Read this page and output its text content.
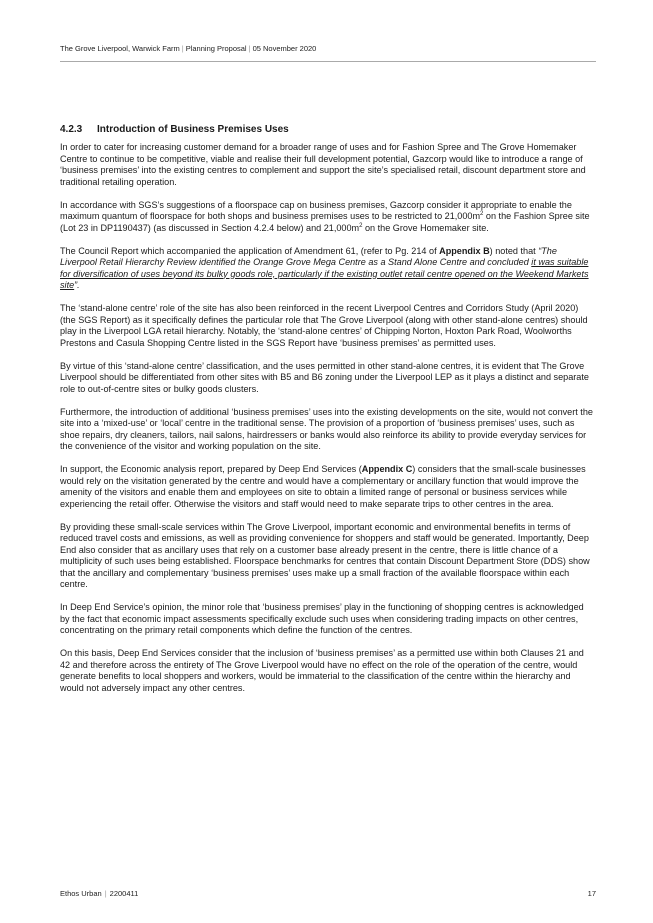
The Grove Liverpool, Warwick Farm | Planning Proposal | 05 November 2020
4.2.3 Introduction of Business Premises Uses

In order to cater for increasing customer demand for a broader range of uses and for Fashion Spree and The Grove Homemaker Centre to continue to be competitive, viable and realise their full development potential, Gazcorp would like to introduce a range of ‘business premises’ into the existing centres to complement and support the site’s specialised retail, discount department store and traditional retailing operation.

In accordance with SGS’s suggestions of a floorspace cap on business premises, Gazcorp consider it appropriate to enable the maximum quantum of floorspace for both shops and business premises uses to be restricted to $21,000m^2$ on the Fashion Spree site (Lot 23 in DP1190437) (as discussed in Section 4.2.4 below) and $21,000m^2$ on the Grove Homemaker site.

The Council Report which accompanied the application of Amendment 61, (refer to Pg. 214 of Appendix B) noted that “The Liverpool Retail Hierarchy Review identified the Orange Grove Mega Centre as a Stand Alone Centre and concluded it was suitable for diversification of uses beyond its bulky goods role, particularly if the existing outlet retail centre opened on the Weekend Markets site”.

The ‘stand-alone centre’ role of the site has also been reinforced in the recent Liverpool Centres and Corridors Study (April 2020) (the SGS Report) as it specifically defines the particular role that The Grove Liverpool (along with other stand-alone centres) should play in the Liverpool LGA retail hierarchy. Notably, the ‘stand-alone centres’ of Chipping Norton, Hoxton Park Road, Woolworths Prestons and Casula Shopping Centre listed in the SGS Report have ‘business premises’ as permitted uses.

By virtue of this ‘stand-alone centre’ classification, and the uses permitted in other stand-alone centres, it is evident that The Grove Liverpool should be differentiated from other sites with B5 and B6 zoning under the Liverpool LEP as it plays a distinct and separate role to out-of-centre sites or bulky goods clusters.

Furthermore, the introduction of additional ‘business premises’ uses into the existing developments on the site, would not convert the site into a ‘mixed-use’ or ‘local’ centre in the traditional sense. The provision of a proportion of ‘business premises’ uses, such as shoe repairs, dry cleaners, tailors, nail salons, hairdressers or banks would also reinforce its ability to provide everyday services for the convenience of the visitor and working population on the site.

In support, the Economic analysis report, prepared by Deep End Services (Appendix C) considers that the small-scale businesses would rely on the visitation generated by the centre and would have a complementary or ancillary function that would improve the amenity of the visitors and enable them and employees on site to obtain a limited range of personal or business services while experiencing the retail offer. Otherwise the visitors and staff would need to make separate trips to other centres in the area.

By providing these small-scale services within The Grove Liverpool, important economic and environmental benefits in terms of reduced travel costs and emissions, as well as providing convenience for shoppers and staff would be generated. Importantly, Deep End also consider that as ancillary uses that rely on a customer base already present in the centre, there is little chance of a multiplicity of such uses being established. Floorspace benchmarks for centres that contain Discount Department Store (DDS) show that the ancillary and complementary ‘business premises’ uses make up a small fraction of the available floorspace within each centre.

In Deep End Service’s opinion, the minor role that ‘business premises’ play in the functioning of shopping centres is acknowledged by the fact that economic impact assessments specifically exclude such uses when considering trading impacts on other centres, concentrating on the primary retail components which define the function of the centres.

On this basis, Deep End Services consider that the inclusion of ‘business premises’ as a permitted use within both Clauses 21 and 42 and therefore across the entirety of The Grove Liverpool would have no effect on the role of the operation of the centre, would generate benefits to local shoppers and workers, would be immaterial to the classification of the centre within the hierarchy and would not adversely impact any other centres.

Ethos Urban | 2200411	17
